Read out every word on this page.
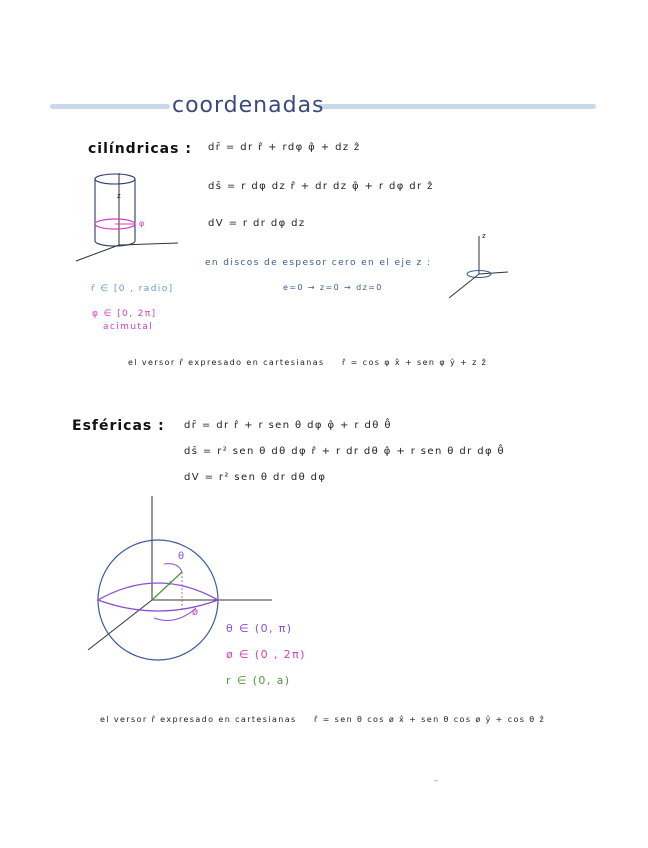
coordenadas
cilíndricas : dr̄ = dr r̂ + rdφ φ̂ + dz ẑ
ds̄ = r dφ dz r̂ + dr dz φ̂ + r dφ dr ẑ
dV = r dr dφ dz
en discos de espesor cero en el eje z :
e=0 → z=0 → dz=0
r̄ ∈ [0 , radio]
φ ∈ [0, 2π]
acimutal
el versor r̂ expresado en cartesianas r̂ = cos φ x̂ + sen φ ŷ + z ẑ
z
φ
z
Esféricas : dr̄ = dr r̂ + r sen θ dφ φ̂ + r dθ θ̂
ds̄ = r² sen θ dθ dφ r̂ + r dr dθ φ̂ + r sen θ dr dφ θ̂
dV = r² sen θ dr dθ dφ
θ
r
ø
θ ∈ (0, π)
ø ∈ (0 , 2π)
r ∈ (0, a)
el versor r̂ expresado en cartesianas r̂ = sen θ cos ø x̂ + sen θ cos ø ŷ + cos θ ẑ
–
